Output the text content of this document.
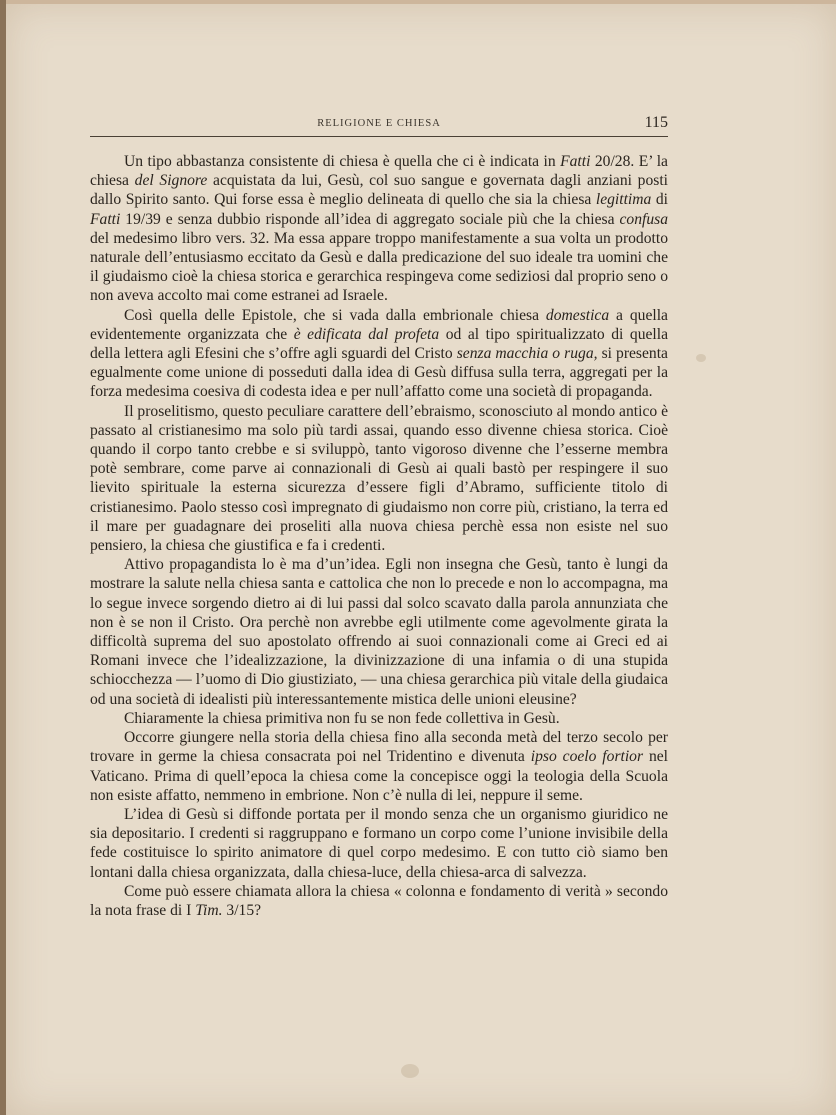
RELIGIONE E CHIESA	115

Un tipo abbastanza consistente di chiesa è quella che ci è indicata in Fatti 20/28. E’ la chiesa del Signore acquistata da lui, Gesù, col suo sangue e governata dagli anziani posti dallo Spirito santo. Qui forse essa è meglio delineata di quello che sia la chiesa legittima di Fatti 19/39 e senza dubbio risponde all’idea di aggregato sociale più che la chiesa confusa del medesimo libro vers. 32. Ma essa appare troppo manifestamente a sua volta un prodotto naturale dell’entusiasmo eccitato da Gesù e dalla predicazione del suo ideale tra uomini che il giudaismo cioè la chiesa storica e gerarchica respingeva come sediziosi dal proprio seno o non aveva accolto mai come estranei ad Israele.

Così quella delle Epistole, che si vada dalla embrionale chiesa domestica a quella evidentemente organizzata che è edificata dal profeta od al tipo spiritualizzato di quella della lettera agli Efesini che s’offre agli sguardi del Cristo senza macchia o ruga, si presenta egualmente come unione di posseduti dalla idea di Gesù diffusa sulla terra, aggregati per la forza medesima coesiva di codesta idea e per null’affatto come una società di propaganda.

Il proselitismo, questo peculiare carattere dell’ebraismo, sconosciuto al mondo antico è passato al cristianesimo ma solo più tardi assai, quando esso divenne chiesa storica. Cioè quando il corpo tanto crebbe e si sviluppò, tanto vigoroso divenne che l’esserne membra potè sembrare, come parve ai connazionali di Gesù ai quali bastò per respingere il suo lievito spirituale la esterna sicurezza d’essere figli d’Abramo, sufficiente titolo di cristianesimo. Paolo stesso così impregnato di giudaismo non corre più, cristiano, la terra ed il mare per guadagnare dei proseliti alla nuova chiesa perchè essa non esiste nel suo pensiero, la chiesa che giustifica e fa i credenti.

Attivo propagandista lo è ma d’un’idea. Egli non insegna che Gesù, tanto è lungi da mostrare la salute nella chiesa santa e cattolica che non lo precede e non lo accompagna, ma lo segue invece sorgendo dietro ai di lui passi dal solco scavato dalla parola annunziata che non è se non il Cristo. Ora perchè non avrebbe egli utilmente come agevolmente girata la difficoltà suprema del suo apostolato offrendo ai suoi connazionali come ai Greci ed ai Romani invece che l’idealizzazione, la divinizzazione di una infamia o di una stupida schiocchezza — l’uomo di Dio giustiziato, — una chiesa gerarchica più vitale della giudaica od una società di idealisti più interessantemente mistica delle unioni eleusine?

Chiaramente la chiesa primitiva non fu se non fede collettiva in Gesù.

Occorre giungere nella storia della chiesa fino alla seconda metà del terzo secolo per trovare in germe la chiesa consacrata poi nel Tridentino e divenuta ipso coelo fortior nel Vaticano. Prima di quell’epoca la chiesa come la concepisce oggi la teologia della Scuola non esiste affatto, nemmeno in embrione. Non c’è nulla di lei, neppure il seme.

L’idea di Gesù si diffonde portata per il mondo senza che un organismo giuridico ne sia depositario. I credenti si raggruppano e formano un corpo come l’unione invisibile della fede costituisce lo spirito animatore di quel corpo medesimo. E con tutto ciò siamo ben lontani dalla chiesa organizzata, dalla chiesa-luce, della chiesa-arca di salvezza.

Come può essere chiamata allora la chiesa « colonna e fondamento di verità » secondo la nota frase di I Tim. 3/15?
